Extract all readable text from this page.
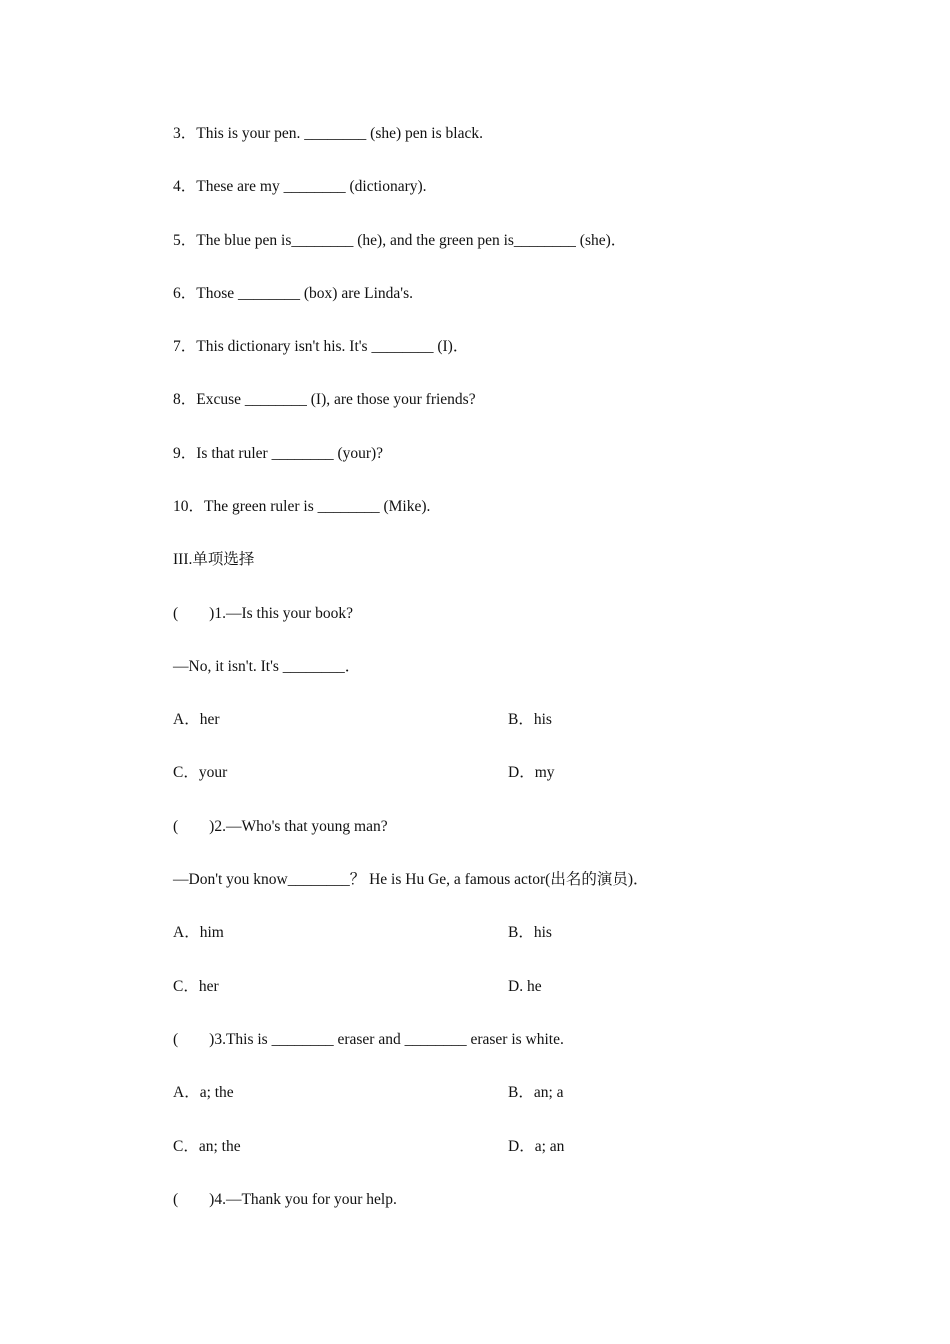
3．This is your pen. ________ (she) pen is black.
4．These are my ________ (dictionary).
5．The blue pen is________ (he), and the green pen is________ (she)．
6．Those ________ (box) are Linda's.
7．This dictionary isn't his. It's ________ (I)．
8．Excuse ________ (I), are those your friends?
9．Is that ruler ________ (your)?
10．The green ruler is ________ (Mike).
III.单项选择
(        )1.—Is this your book?
—No, it isn't. It's ________．
A．her	B．his
C．your	D．my
(        )2.—Who's that young man?
—Don't you know________？ He is Hu Ge, a famous actor(出名的演员)．
A．him	B．his
C．her	D. he
(        )3.This is ________ eraser and ________ eraser is white.
A．a; the	B．an; a
C．an; the	D．a; an
(        )4.—Thank you for your help.
